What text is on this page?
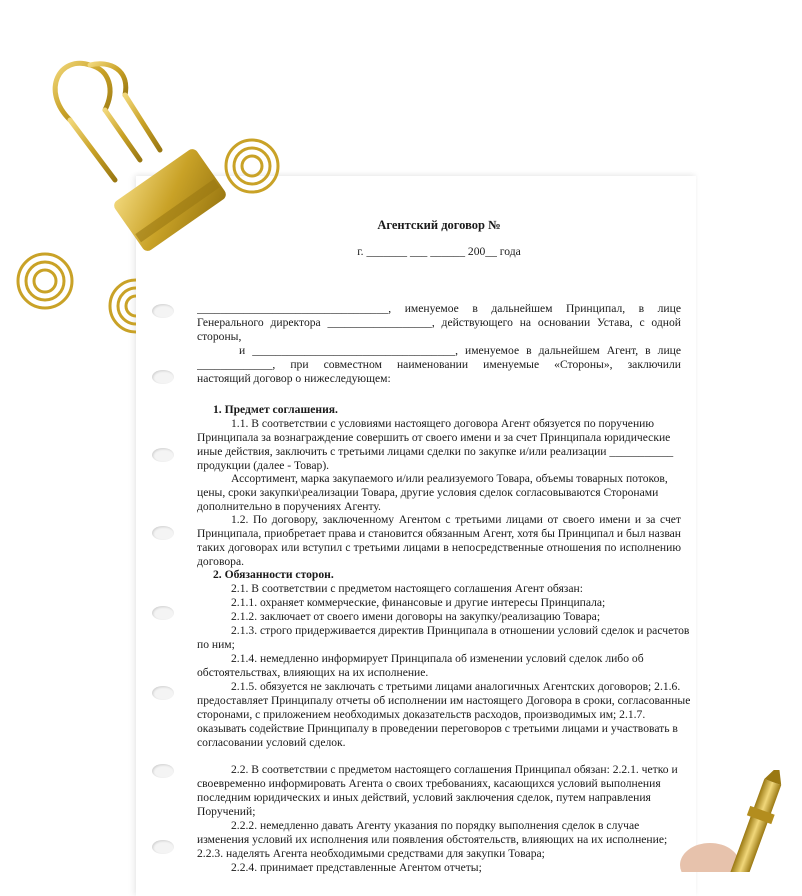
Агентский договор №
г. _______ ___ ______ 200__ года
_________________________________, именуемое в дальнейшем Принципал, в лице
Генерального директора __________________, действующего на основании Устава, с одной
стороны,
и ___________________________________, именуемое в дальнейшем Агент, в лице
_____________, при совместном наименовании именуемые «Стороны», заключили
настоящий договор о нижеследующем:
1. Предмет соглашения.
1.1. В соответствии с условиями настоящего договора Агент обязуется по поручению
Принципала за вознаграждение совершить от своего имени и за счет Принципала юридические
иные действия, заключить с третьими лицами сделки по закупке и/или реализации ___________
продукции (далее - Товар).
Ассортимент, марка закупаемого и/или реализуемого Товара, объемы товарных потоков,
цены, сроки закупки\реализации Товара, другие условия сделок согласовываются Сторонами
дополнительно в поручениях Агенту.
1.2. По договору, заключенному Агентом с третьими лицами от своего имени и за счет
Принципала, приобретает права и становится обязанным Агент, хотя бы Принципал и был назван
таких договорах или вступил с третьими лицами в непосредственные отношения по исполнению
договора.
2. Обязанности сторон.
2.1. В соответствии с предметом настоящего соглашения Агент обязан:
2.1.1. охраняет коммерческие, финансовые и другие интересы Принципала;
2.1.2. заключает от своего имени договоры на закупку/реализацию Товара;
2.1.3. строго придерживается директив Принципала в отношении условий сделок и расчетов
по ним;
2.1.4. немедленно информирует Принципала об изменении условий сделок либо об
обстоятельствах, влияющих на их исполнение.
2.1.5. обязуется не заключать с третьими лицами аналогичных Агентских договоров; 2.1.6.
предоставляет Принципалу отчеты об исполнении им настоящего Договора в сроки, согласованные
сторонами, с приложением необходимых доказательств расходов, производимых им; 2.1.7.
оказывать содействие Принципалу в проведении переговоров с третьими лицами и участвовать в
согласовании условий сделок.
2.2. В соответствии с предметом настоящего соглашения Принципал обязан: 2.2.1. четко и
своевременно информировать Агента о своих требованиях, касающихся условий выполнения
последним юридических и иных действий, условий заключения сделок, путем направления
Поручений;
2.2.2. немедленно давать Агенту указания по порядку выполнения сделок в случае
изменения условий их исполнения или появления обстоятельств, влияющих на их исполнение;
2.2.3. наделять Агента необходимыми средствами для закупки Товара;
2.2.4. принимает представленные Агентом отчеты;
